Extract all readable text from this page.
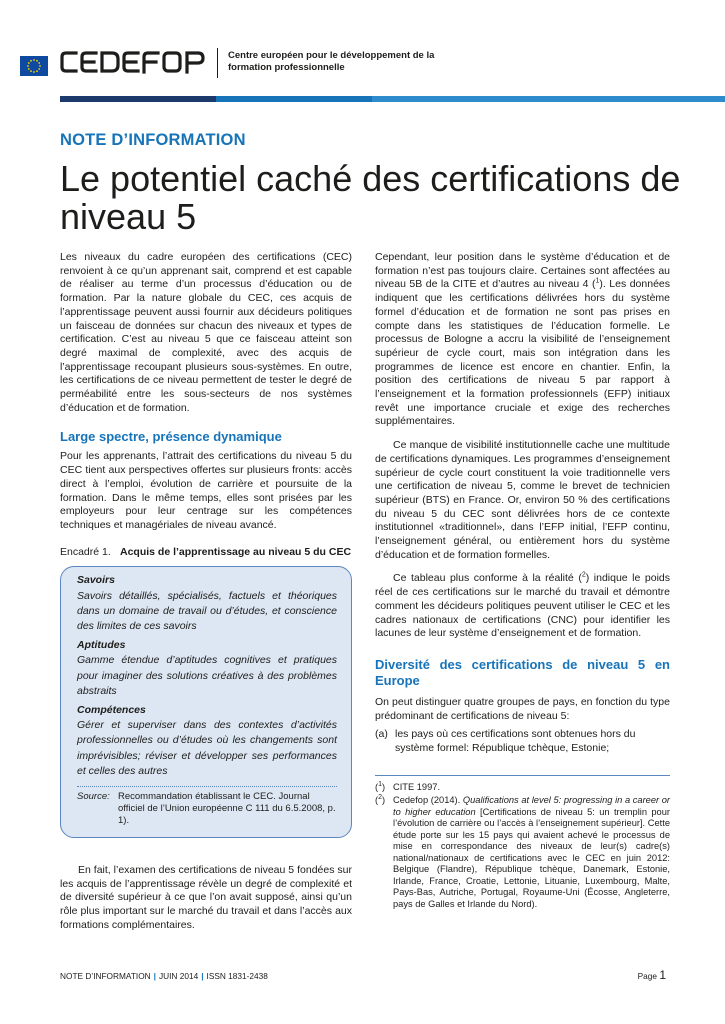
Centre européen pour le développement de la formation professionnelle
NOTE D’INFORMATION
Le potentiel caché des certifications de niveau 5

Les niveaux du cadre européen des certifications (CEC) renvoient à ce qu’un apprenant sait, comprend et est capable de réaliser au terme d’un processus d’éducation ou de formation. Par la nature globale du CEC, ces acquis de l’apprentissage peuvent aussi fournir aux décideurs politiques un faisceau de données sur chacun des niveaux et types de certification. C’est au niveau 5 que ce faisceau atteint son degré maximal de complexité, avec des acquis de l’apprentissage recoupant plusieurs sous-systèmes. En outre, les certifications de ce niveau permettent de tester le degré de perméabilité entre les sous-secteurs de nos systèmes d’éducation et de formation.

Large spectre, présence dynamique

Pour les apprenants, l’attrait des certifications du niveau 5 du CEC tient aux perspectives offertes sur plusieurs fronts: accès direct à l’emploi, évolution de carrière et poursuite de la formation. Dans le même temps, elles sont prisées par les employeurs pour leur centrage sur les compétences techniques et managériales de niveau avancé.

Encadré 1. Acquis de l’apprentissage au niveau 5 du CEC
Savoirs
Savoirs détaillés, spécialisés, factuels et théoriques dans un domaine de travail ou d’études, et conscience des limites de ces savoirs
Aptitudes
Gamme étendue d’aptitudes cognitives et pratiques pour imaginer des solutions créatives à des problèmes abstraits
Compétences
Gérer et superviser dans des contextes d’activités professionnelles ou d’études où les changements sont imprévisibles; réviser et développer ses performances et celles des autres
Source: Recommandation établissant le CEC. Journal officiel de l’Union européenne C 111 du 6.5.2008, p. 1).

En fait, l’examen des certifications de niveau 5 fondées sur les acquis de l’apprentissage révèle un degré de complexité et de diversité supérieur à ce que l’on avait supposé, ainsi qu’un rôle plus important sur le marché du travail et dans l’accès aux formations complémentaires.

Cependant, leur position dans le système d’éducation et de formation n’est pas toujours claire. Certaines sont affectées au niveau 5B de la CITE et d’autres au niveau 4 ($^1$). Les données indiquent que les certifications délivrées hors du système formel d’éducation et de formation ne sont pas prises en compte dans les statistiques de l’éducation formelle. Le processus de Bologne a accru la visibilité de l’enseignement supérieur de cycle court, mais son intégration dans les programmes de licence est encore en chantier. Enfin, la position des certifications de niveau 5 par rapport à l’enseignement et la formation professionnels (EFP) initiaux revêt une importance cruciale et exige des recherches supplémentaires.

Ce manque de visibilité institutionnelle cache une multitude de certifications dynamiques. Les programmes d’enseignement supérieur de cycle court constituent la voie traditionnelle vers une certification de niveau 5, comme le brevet de technicien supérieur (BTS) en France. Or, environ 50 % des certifications du niveau 5 du CEC sont délivrées hors de ce contexte institutionnel «traditionnel», dans l’EFP initial, l’EFP continu, l’enseignement général, ou entièrement hors du système d’éducation et de formation formelles.

Ce tableau plus conforme à la réalité ($^2$) indique le poids réel de ces certifications sur le marché du travail et démontre comment les décideurs politiques peuvent utiliser le CEC et les cadres nationaux de certifications (CNC) pour identifier les lacunes de leur système d’enseignement et de formation.

Diversité des certifications de niveau 5 en Europe

On peut distinguer quatre groupes de pays, en fonction du type prédominant de certifications de niveau 5:

(a) les pays où ces certifications sont obtenues hors du système formel: République tchèque, Estonie;
($^1$) CITE 1997.
($^2$) Cedefop (2014). Qualifications at level 5: progressing in a career or to higher education [Certifications de niveau 5: un tremplin pour l’évolution de carrière ou l’accès à l’enseignement supérieur]. Cette étude porte sur les 15 pays qui avaient achevé le processus de mise en correspondance des niveaux de leur(s) cadre(s) national/nationaux de certifications avec le CEC en juin 2012: Belgique (Flandre), République tchèque, Danemark, Estonie, Irlande, France, Croatie, Lettonie, Lituanie, Luxembourg, Malte, Pays-Bas, Autriche, Portugal, Royaume-Uni (Écosse, Angleterre, pays de Galles et Irlande du Nord).
NOTE D’INFORMATION | JUIN 2014 | ISSN 1831-2438	Page 1
